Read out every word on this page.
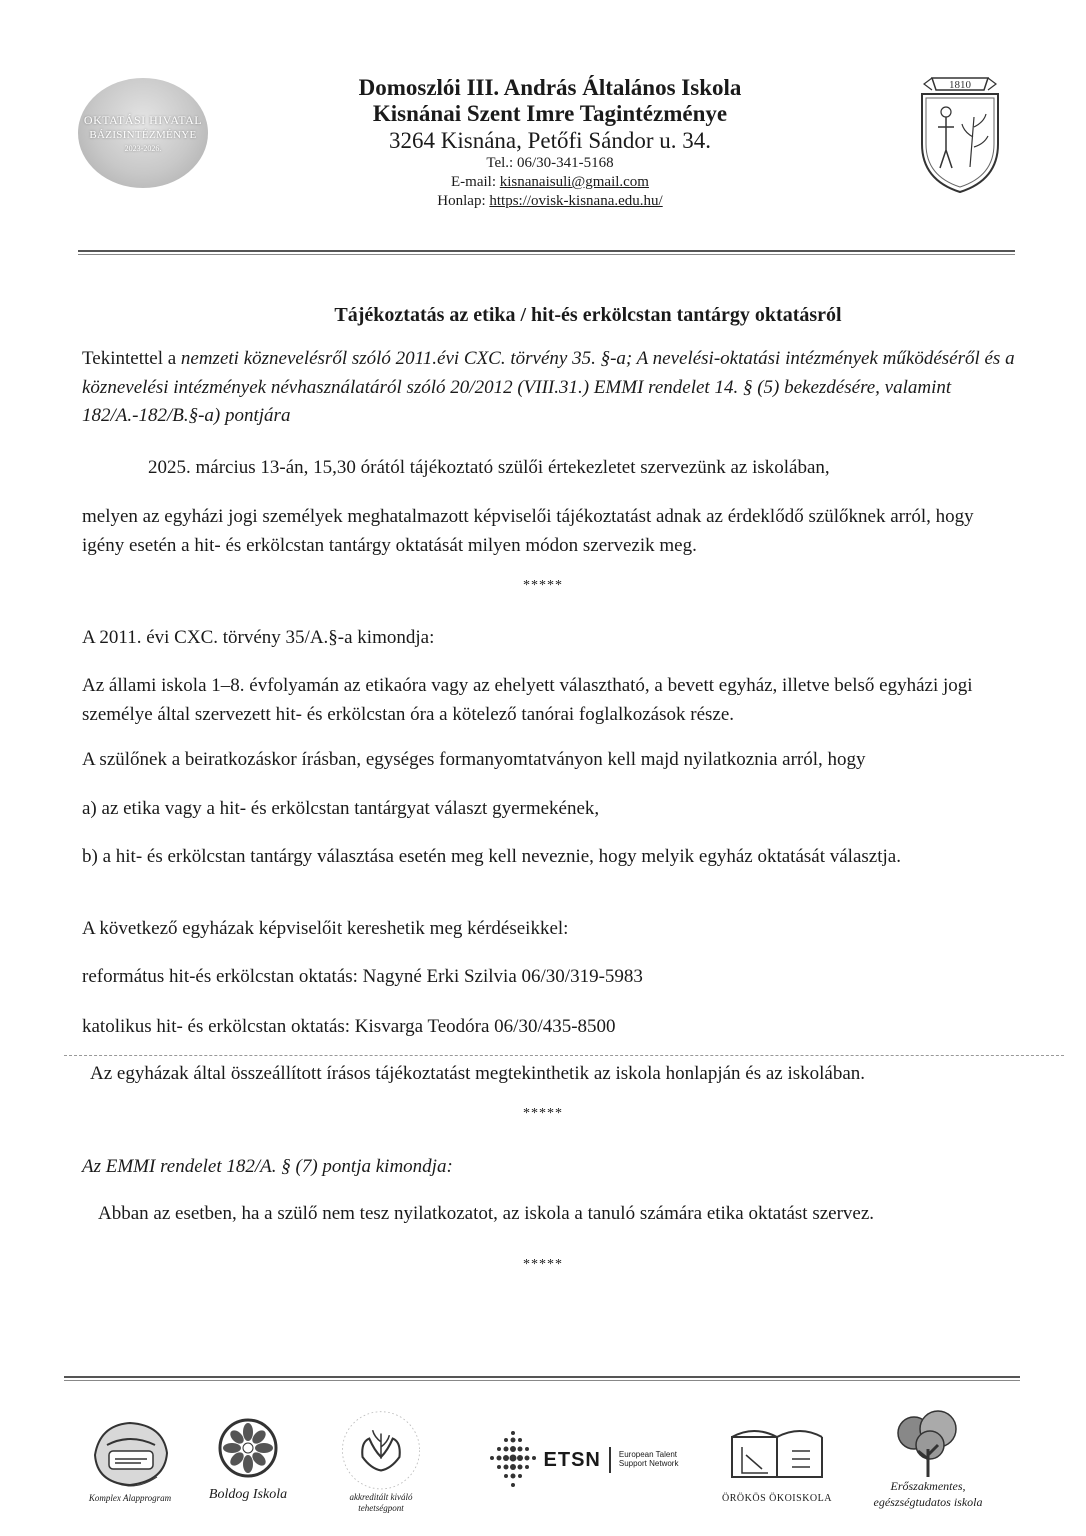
OKTATÁSI HIVATAL
BÁZISINTÉZMÉNYE
2023-2026.
Domoszlói III. András Általános Iskola
Kisnánai Szent Imre Tagintézménye
3264 Kisnána, Petőfi Sándor u. 34.
Tel.: 06/30-341-5168
E-mail: kisnanaisuli@gmail.com
Honlap: https://ovisk-kisnana.edu.hu/
1810
Tájékoztatás az etika / hit-és erkölcstan tantárgy oktatásról
Tekintettel a nemzeti köznevelésről szóló 2011.évi CXC. törvény 35. §-a; A nevelési-oktatási intézmények működéséről és a köznevelési intézmények névhasználatáról szóló 20/2012 (VIII.31.) EMMI rendelet 14. § (5) bekezdésére, valamint 182/A.-182/B.§-a) pontjára
2025. március 13-án, 15,30 órától tájékoztató szülői értekezletet szervezünk az iskolában,
melyen az egyházi jogi személyek meghatalmazott képviselői tájékoztatást adnak az érdeklődő szülőknek arról, hogy igény esetén a hit- és erkölcstan tantárgy oktatását milyen módon szervezik meg.
*****
A 2011. évi CXC. törvény 35/A.§-a kimondja:
Az állami iskola 1–8. évfolyamán az etikaóra vagy az ehelyett választható, a bevett egyház, illetve belső egyházi jogi személye által szervezett hit- és erkölcstan óra a kötelező tanórai foglalkozások része.
A szülőnek a beiratkozáskor írásban, egységes formanyomtatványon kell majd nyilatkoznia arról, hogy
a) az etika vagy a hit- és erkölcstan tantárgyat választ gyermekének,
b) a hit- és erkölcstan tantárgy választása esetén meg kell neveznie, hogy melyik egyház oktatását választja.
A következő egyházak képviselőit kereshetik meg kérdéseikkel:
református hit-és erkölcstan oktatás: Nagyné Erki Szilvia 06/30/319-5983
katolikus hit- és erkölcstan oktatás: Kisvarga Teodóra 06/30/435-8500
Az egyházak által összeállított írásos tájékoztatást megtekinthetik az iskola honlapján és az iskolában.
*****
Az EMMI rendelet 182/A. § (7) pontja kimondja:
Abban az esetben, ha a szülő nem tesz nyilatkozatot, az iskola a tanuló számára etika oktatást szervez.
*****
Komplex Alapprogram	Boldog Iskola	akkreditált kiváló tehetségpont
ETSN European Talent
Support Network
ÖRÖKÖS ÖKOISKOLA
Erőszakmentes,
egészségtudatos iskola
